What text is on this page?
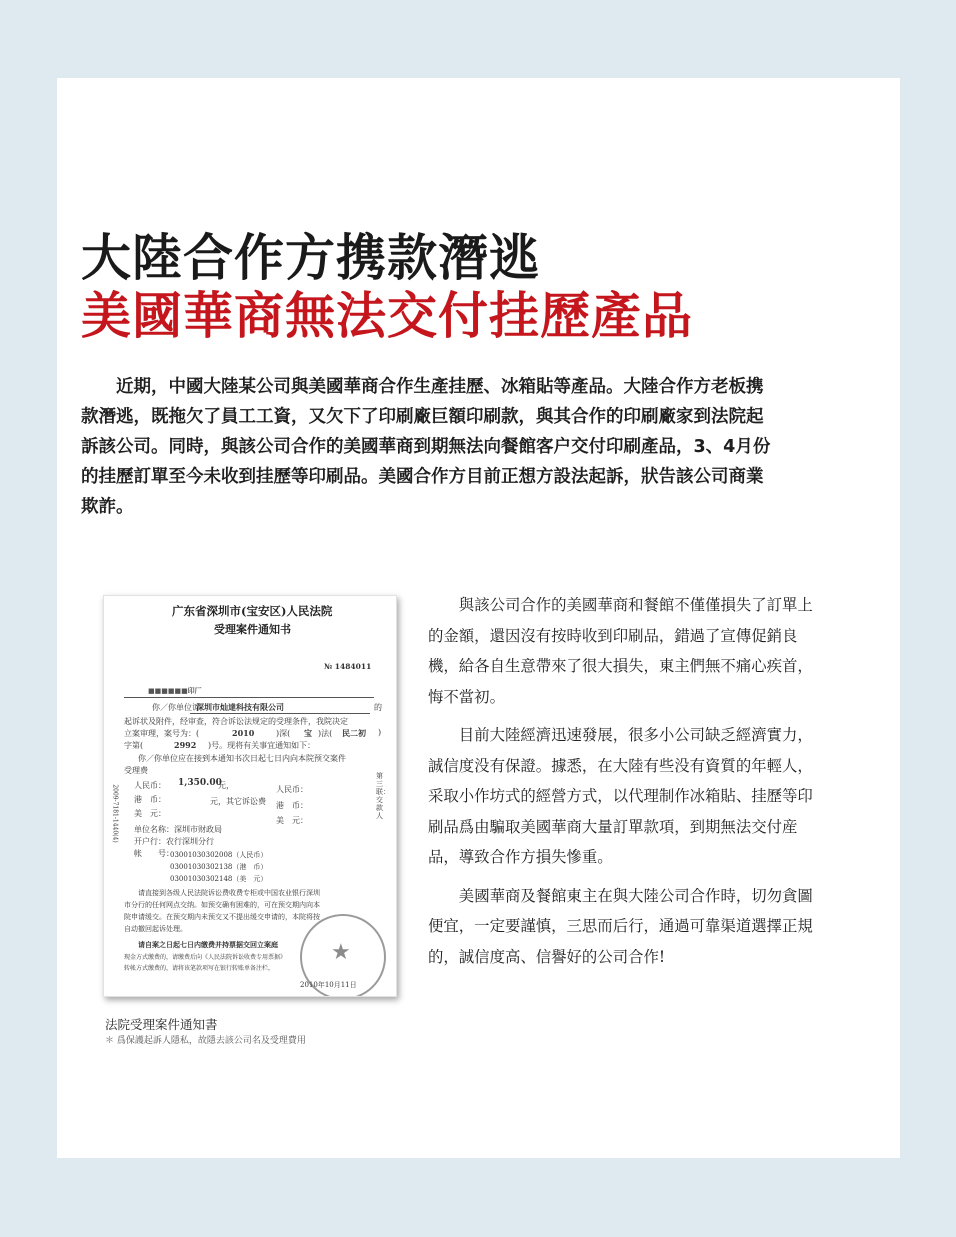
大陸合作方携款潛逃
美國華商無法交付挂歷產品

近期，中國大陸某公司與美國華商合作生產挂歷、冰箱貼等產品。大陸合作方老板携款潛逃，既拖欠了員工工資，又欠下了印刷廠巨額印刷款，與其合作的印刷廠家到法院起訴該公司。同時，與該公司合作的美國華商到期無法向餐館客户交付印刷產品，3、4月份的挂歷訂單至今未收到挂歷等印刷品。美國合作方目前正想方設法起訴，狀告該公司商業欺詐。

广东省深圳市(宝安区)人民法院
受理案件通知书
№ 1484011
■■■■■■印厂
你／你单位诉
深圳市灿達科技有限公司	的
起诉状及附件，经审查，符合诉讼法规定的受理条件，我院决定
立案审理，案号为：(	2010	)深( 宝 )法( 民二初 )
字第(	2992 )号。现将有关事宜通知如下：
你／你单位应在接到本通知书次日起七日内向本院预交案件
受理费
2009-7181-1440(4) 人民币： 1,350.00
元，
港　币：	元，其它诉讼费
美　元：
人民币：
港　币：
美　元：
第三联：交款人
单位名称：深圳市财政局
开户行：农行深圳分行
帐　　号：
03001030302008（人民币）
03001030302138（港　币）
03001030302148（美　元）
请直接到各级人民法院诉讼费收费专柜或中国农业银行深圳
市分行的任何网点交纳。如预交确有困难的，可在预交期内向本
院申请缓交。在预交期内未预交又不提出缓交申请的，本院将按
自动撤回起诉处理。
请自案之日起七日内缴费并持票据交回立案庭
现金方式缴费的，请缴费后向《人民法院诉讼收费专用票据》
转帐方式缴费的，请将该笔款项写在银行转账单备注栏，
★
2010年10月11日

法院受理案件通知書

＊ 爲保護起訴人隱私，故隱去該公司名及受理費用

與該公司合作的美國華商和餐館不僅僅損失了訂單上的金額，還因沒有按時收到印刷品，錯過了宣傳促銷良機，給各自生意帶來了很大損失，東主們無不痛心疾首，悔不當初。

目前大陸經濟迅速發展，很多小公司缺乏經濟實力，誠信度没有保證。據悉，在大陸有些没有資質的年輕人，采取小作坊式的經營方式，以代理制作冰箱貼、挂歷等印刷品爲由騙取美國華商大量訂單款項，到期無法交付産品，導致合作方損失慘重。

美國華商及餐館東主在與大陸公司合作時，切勿貪圖便宜，一定要謹慎，三思而后行，通過可靠渠道選擇正規的，誠信度高、信譽好的公司合作!
